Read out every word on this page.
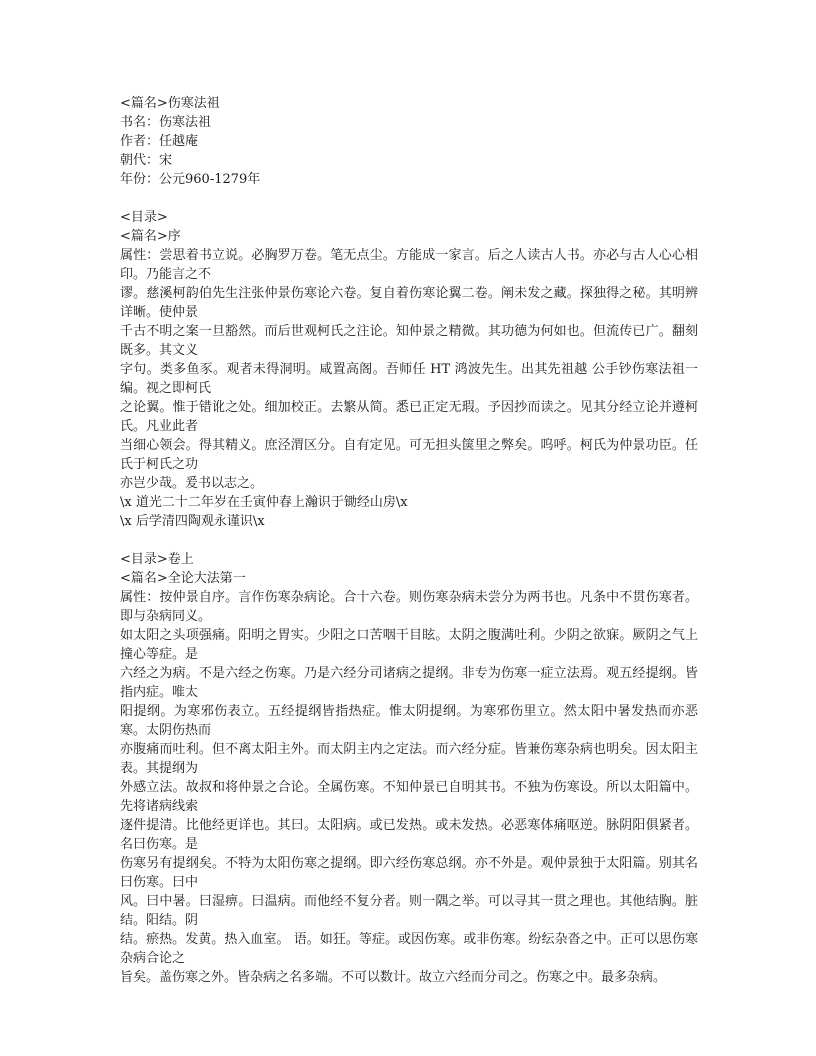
<篇名>伤寒法祖
书名：伤寒法祖
作者：任越庵
朝代：宋
年份：公元960-1279年
<目录>
<篇名>序
属性：尝思着书立说。必胸罗万卷。笔无点尘。方能成一家言。后之人读古人书。亦必与古人心心相印。乃能言之不
谬。慈溪柯韵伯先生注张仲景伤寒论六卷。复自着伤寒论翼二卷。阐未发之藏。探独得之秘。其明辨详晰。使仲景
千古不明之案一旦豁然。而后世观柯氏之注论。知仲景之精微。其功德为何如也。但流传已广。翻刻既多。其文义
字句。类多鱼豕。观者未得洞明。咸置高阁。吾师任 HT 鸿波先生。出其先祖越 公手钞伤寒法祖一编。视之即柯氏
之论翼。惟于错讹之处。细加校正。去繁从简。悉已正定无瑕。予因抄而读之。见其分经立论并遵柯氏。凡业此者
当细心领会。得其精义。庶泾渭区分。自有定见。可无担头箧里之弊矣。呜呼。柯氏为仲景功臣。任氏于柯氏之功
亦岂少哉。爰书以志之。
\x 道光二十二年岁在壬寅仲春上瀚识于锄经山房\x
\x 后学清四陶观永谨识\x
<目录>卷上
<篇名>全论大法第一
属性：按仲景自序。言作伤寒杂病论。合十六卷。则伤寒杂病未尝分为两书也。凡条中不贯伤寒者。即与杂病同义。
如太阳之头项强痛。阳明之胃实。少阳之口苦咽干目眩。太阴之腹满吐利。少阴之欲寐。厥阴之气上撞心等症。是
六经之为病。不是六经之伤寒。乃是六经分司诸病之提纲。非专为伤寒一症立法焉。观五经提纲。皆指内症。唯太
阳提纲。为寒邪伤表立。五经提纲皆指热症。惟太阴提纲。为寒邪伤里立。然太阳中暑发热而亦恶寒。太阴伤热而
亦腹痛而吐利。但不离太阳主外。而太阴主内之定法。而六经分症。皆兼伤寒杂病也明矣。因太阳主表。其提纲为
外感立法。故叔和将仲景之合论。全属伤寒。不知仲景已自明其书。不独为伤寒设。所以太阳篇中。先将诸病线索
逐件提清。比他经更详也。其曰。太阳病。或已发热。或未发热。必恶寒体痛呕逆。脉阴阳俱紧者。名曰伤寒。是
伤寒另有提纲矣。不特为太阳伤寒之提纲。即六经伤寒总纲。亦不外是。观仲景独于太阳篇。别其名曰伤寒。曰中
风。曰中暑。曰湿痹。曰温病。而他经不复分者。则一隅之举。可以寻其一贯之理也。其他结胸。脏结。阳结。阴
结。瘀热。发黄。热入血室。 语。如狂。等症。或因伤寒。或非伤寒。纷纭杂沓之中。正可以思伤寒杂病合论之
旨矣。盖伤寒之外。皆杂病之名多端。不可以数计。故立六经而分司之。伤寒之中。最多杂病。
